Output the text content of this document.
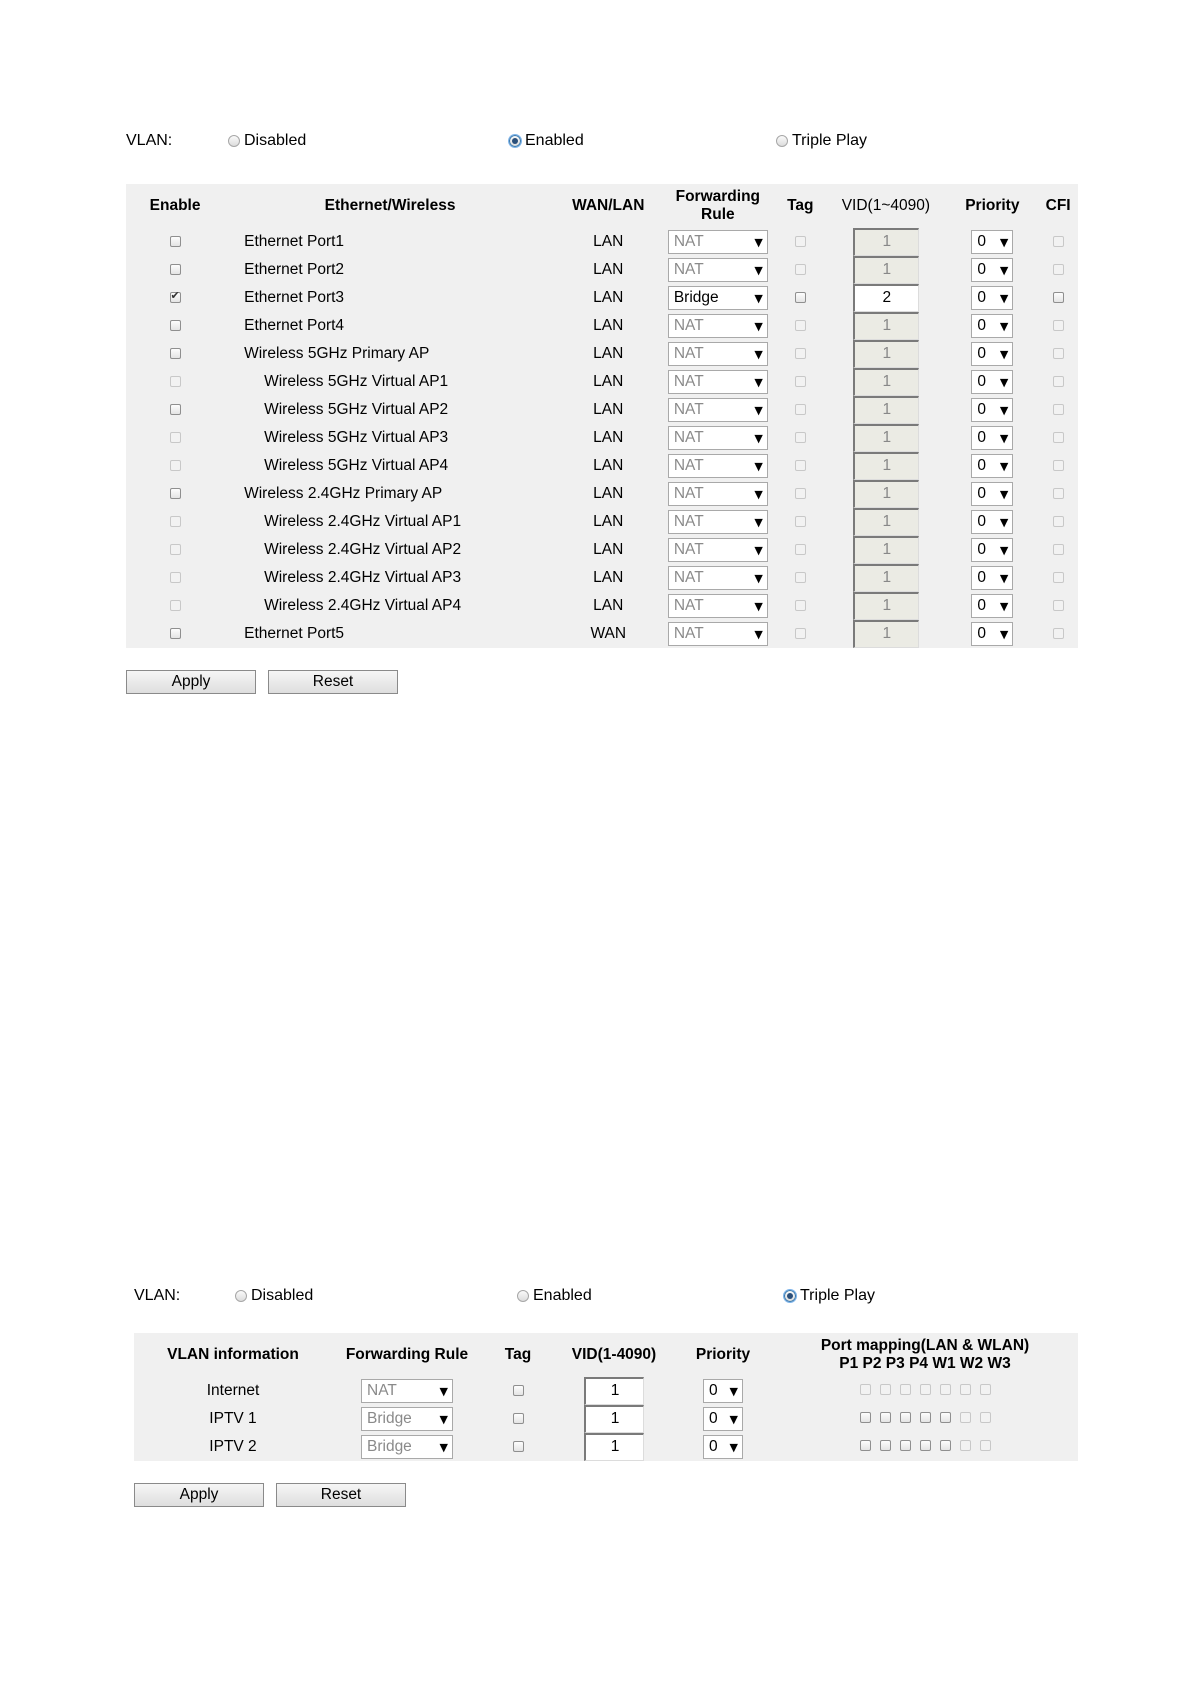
VLAN:	Disabled	Enabled	Triple Play
Enable	Ethernet/Wireless	WAN/LAN	Forwarding
Rule	Tag	VID(1~4090)	Priority	CFI
	Ethernet Port1	LAN	NAT ▼		1	0 ▼	

	Ethernet Port2	LAN	NAT ▼		1	0 ▼	

✔	Ethernet Port3	LAN	Bridge ▼		2	0 ▼	

	Ethernet Port4	LAN	NAT ▼		1	0 ▼	

	Wireless 5GHz Primary AP	LAN	NAT ▼		1	0 ▼	

	Wireless 5GHz Virtual AP1	LAN	NAT ▼		1	0 ▼	

	Wireless 5GHz Virtual AP2	LAN	NAT ▼		1	0 ▼	

	Wireless 5GHz Virtual AP3	LAN	NAT ▼		1	0 ▼	

	Wireless 5GHz Virtual AP4	LAN	NAT ▼		1	0 ▼	

	Wireless 2.4GHz Primary AP	LAN	NAT ▼		1	0 ▼	

	Wireless 2.4GHz Virtual AP1	LAN	NAT ▼		1	0 ▼	

	Wireless 2.4GHz Virtual AP2	LAN	NAT ▼		1	0 ▼	

	Wireless 2.4GHz Virtual AP3	LAN	NAT ▼		1	0 ▼	

	Wireless 2.4GHz Virtual AP4	LAN	NAT ▼		1	0 ▼	

	Ethernet Port5	WAN	NAT ▼		1	0 ▼	

Apply	Reset
VLAN:	Disabled	Enabled	Triple Play
VLAN information	Forwarding Rule	Tag	VID(1-4090)	Priority	Port mapping(LAN & WLAN)
P1 P2 P3 P4 W1 W2 W3

Internet	NAT ▼		1	0 ▼	

IPTV 1	Bridge ▼		1	0 ▼	

IPTV 2	Bridge ▼		1	0 ▼	

Apply	Reset
